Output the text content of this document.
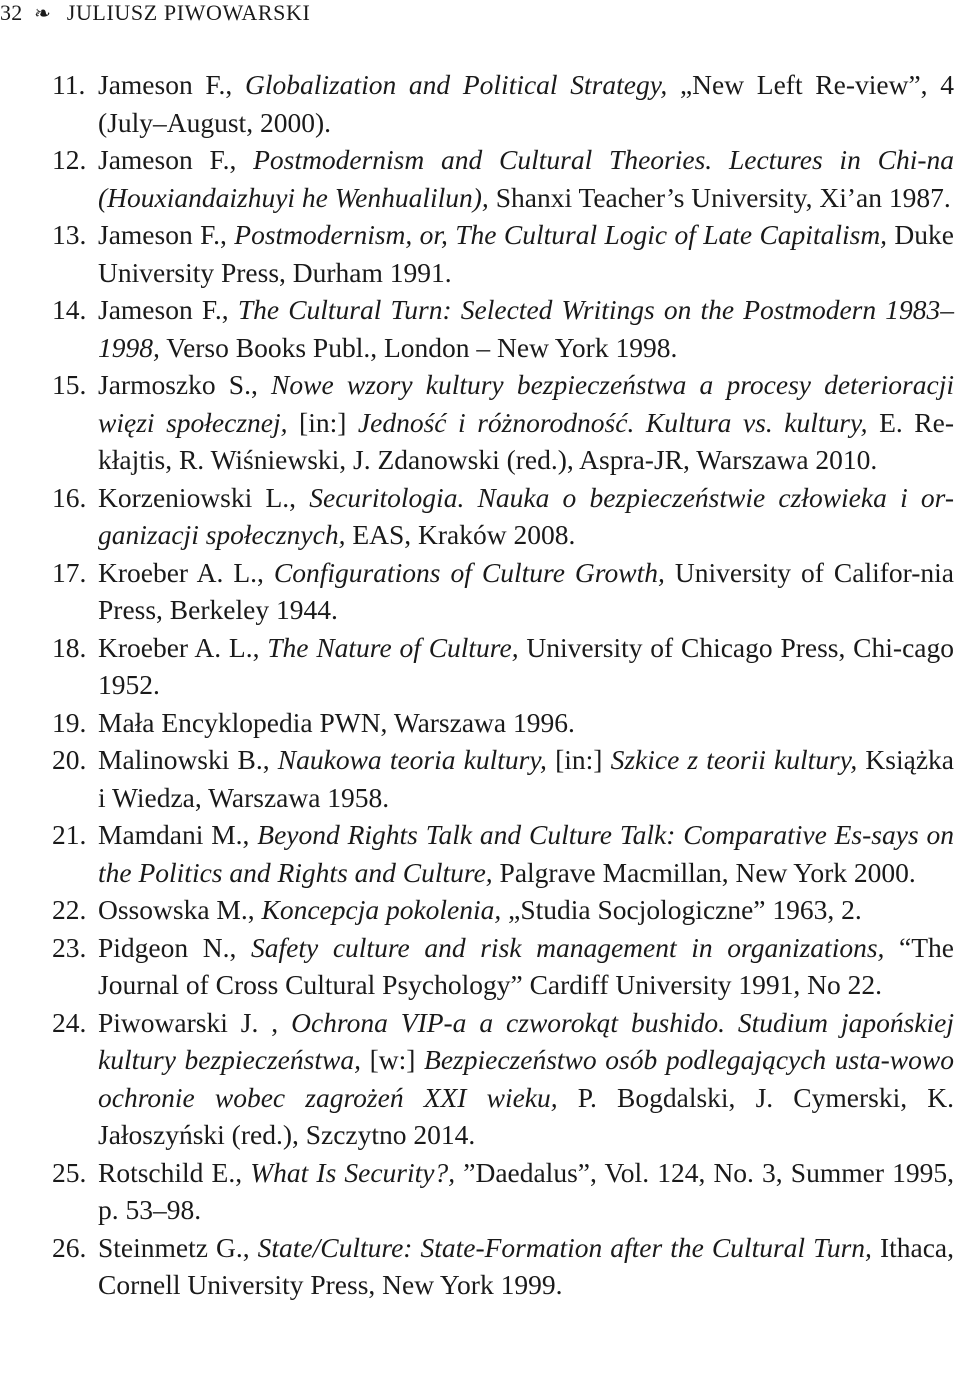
32 ❧ JULIUSZ PIWOWARSKI
11. Jameson F., Globalization and Political Strategy, „New Left Re-view”, 4 (July–August, 2000).
12. Jameson F., Postmodernism and Cultural Theories. Lectures in Chi-na (Houxiandaizhuyi he Wenhualilun), Shanxi Teacher’s University, Xi’an 1987.
13. Jameson F., Postmodernism, or, The Cultural Logic of Late Capitalism, Duke University Press, Durham 1991.
14. Jameson F., The Cultural Turn: Selected Writings on the Postmodern 1983–1998, Verso Books Publ., London – New York 1998.
15. Jarmoszko S., Nowe wzory kultury bezpieczeństwa a procesy deterioracji więzi społecznej, [in:] Jedność i różnorodność. Kultura vs. kultury, E. Re-kłajtis, R. Wiśniewski, J. Zdanowski (red.), Aspra-JR, Warszawa 2010.
16. Korzeniowski L., Securitologia. Nauka o bezpieczeństwie człowieka i or-ganizacji społecznych, EAS, Kraków 2008.
17. Kroeber A. L., Configurations of Culture Growth, University of Califor-nia Press, Berkeley 1944.
18. Kroeber A. L., The Nature of Culture, University of Chicago Press, Chi-cago 1952.
19. Mała Encyklopedia PWN, Warszawa 1996.
20. Malinowski B., Naukowa teoria kultury, [in:] Szkice z teorii kultury, Książka i Wiedza, Warszawa 1958.
21. Mamdani M., Beyond Rights Talk and Culture Talk: Comparative Es-says on the Politics and Rights and Culture, Palgrave Macmillan, New York 2000.
22. Ossowska M., Koncepcja pokolenia, „Studia Socjologiczne” 1963, 2.
23. Pidgeon N., Safety culture and risk management in organizations, “The Journal of Cross Cultural Psychology” Cardiff University 1991, No 22.
24. Piwowarski J. , Ochrona VIP-a a czworokąt bushido. Studium japońskiej kultury bezpieczeństwa, [w:] Bezpieczeństwo osób podlegających usta-wowo ochronie wobec zagrożeń XXI wieku, P. Bogdalski, J. Cymerski, K. Jałoszyński (red.), Szczytno 2014.
25. Rotschild E., What Is Security?, ”Daedalus”, Vol. 124, No. 3, Summer 1995, p. 53–98.
26. Steinmetz G., State/Culture: State-Formation after the Cultural Turn, Ithaca, Cornell University Press, New York 1999.
